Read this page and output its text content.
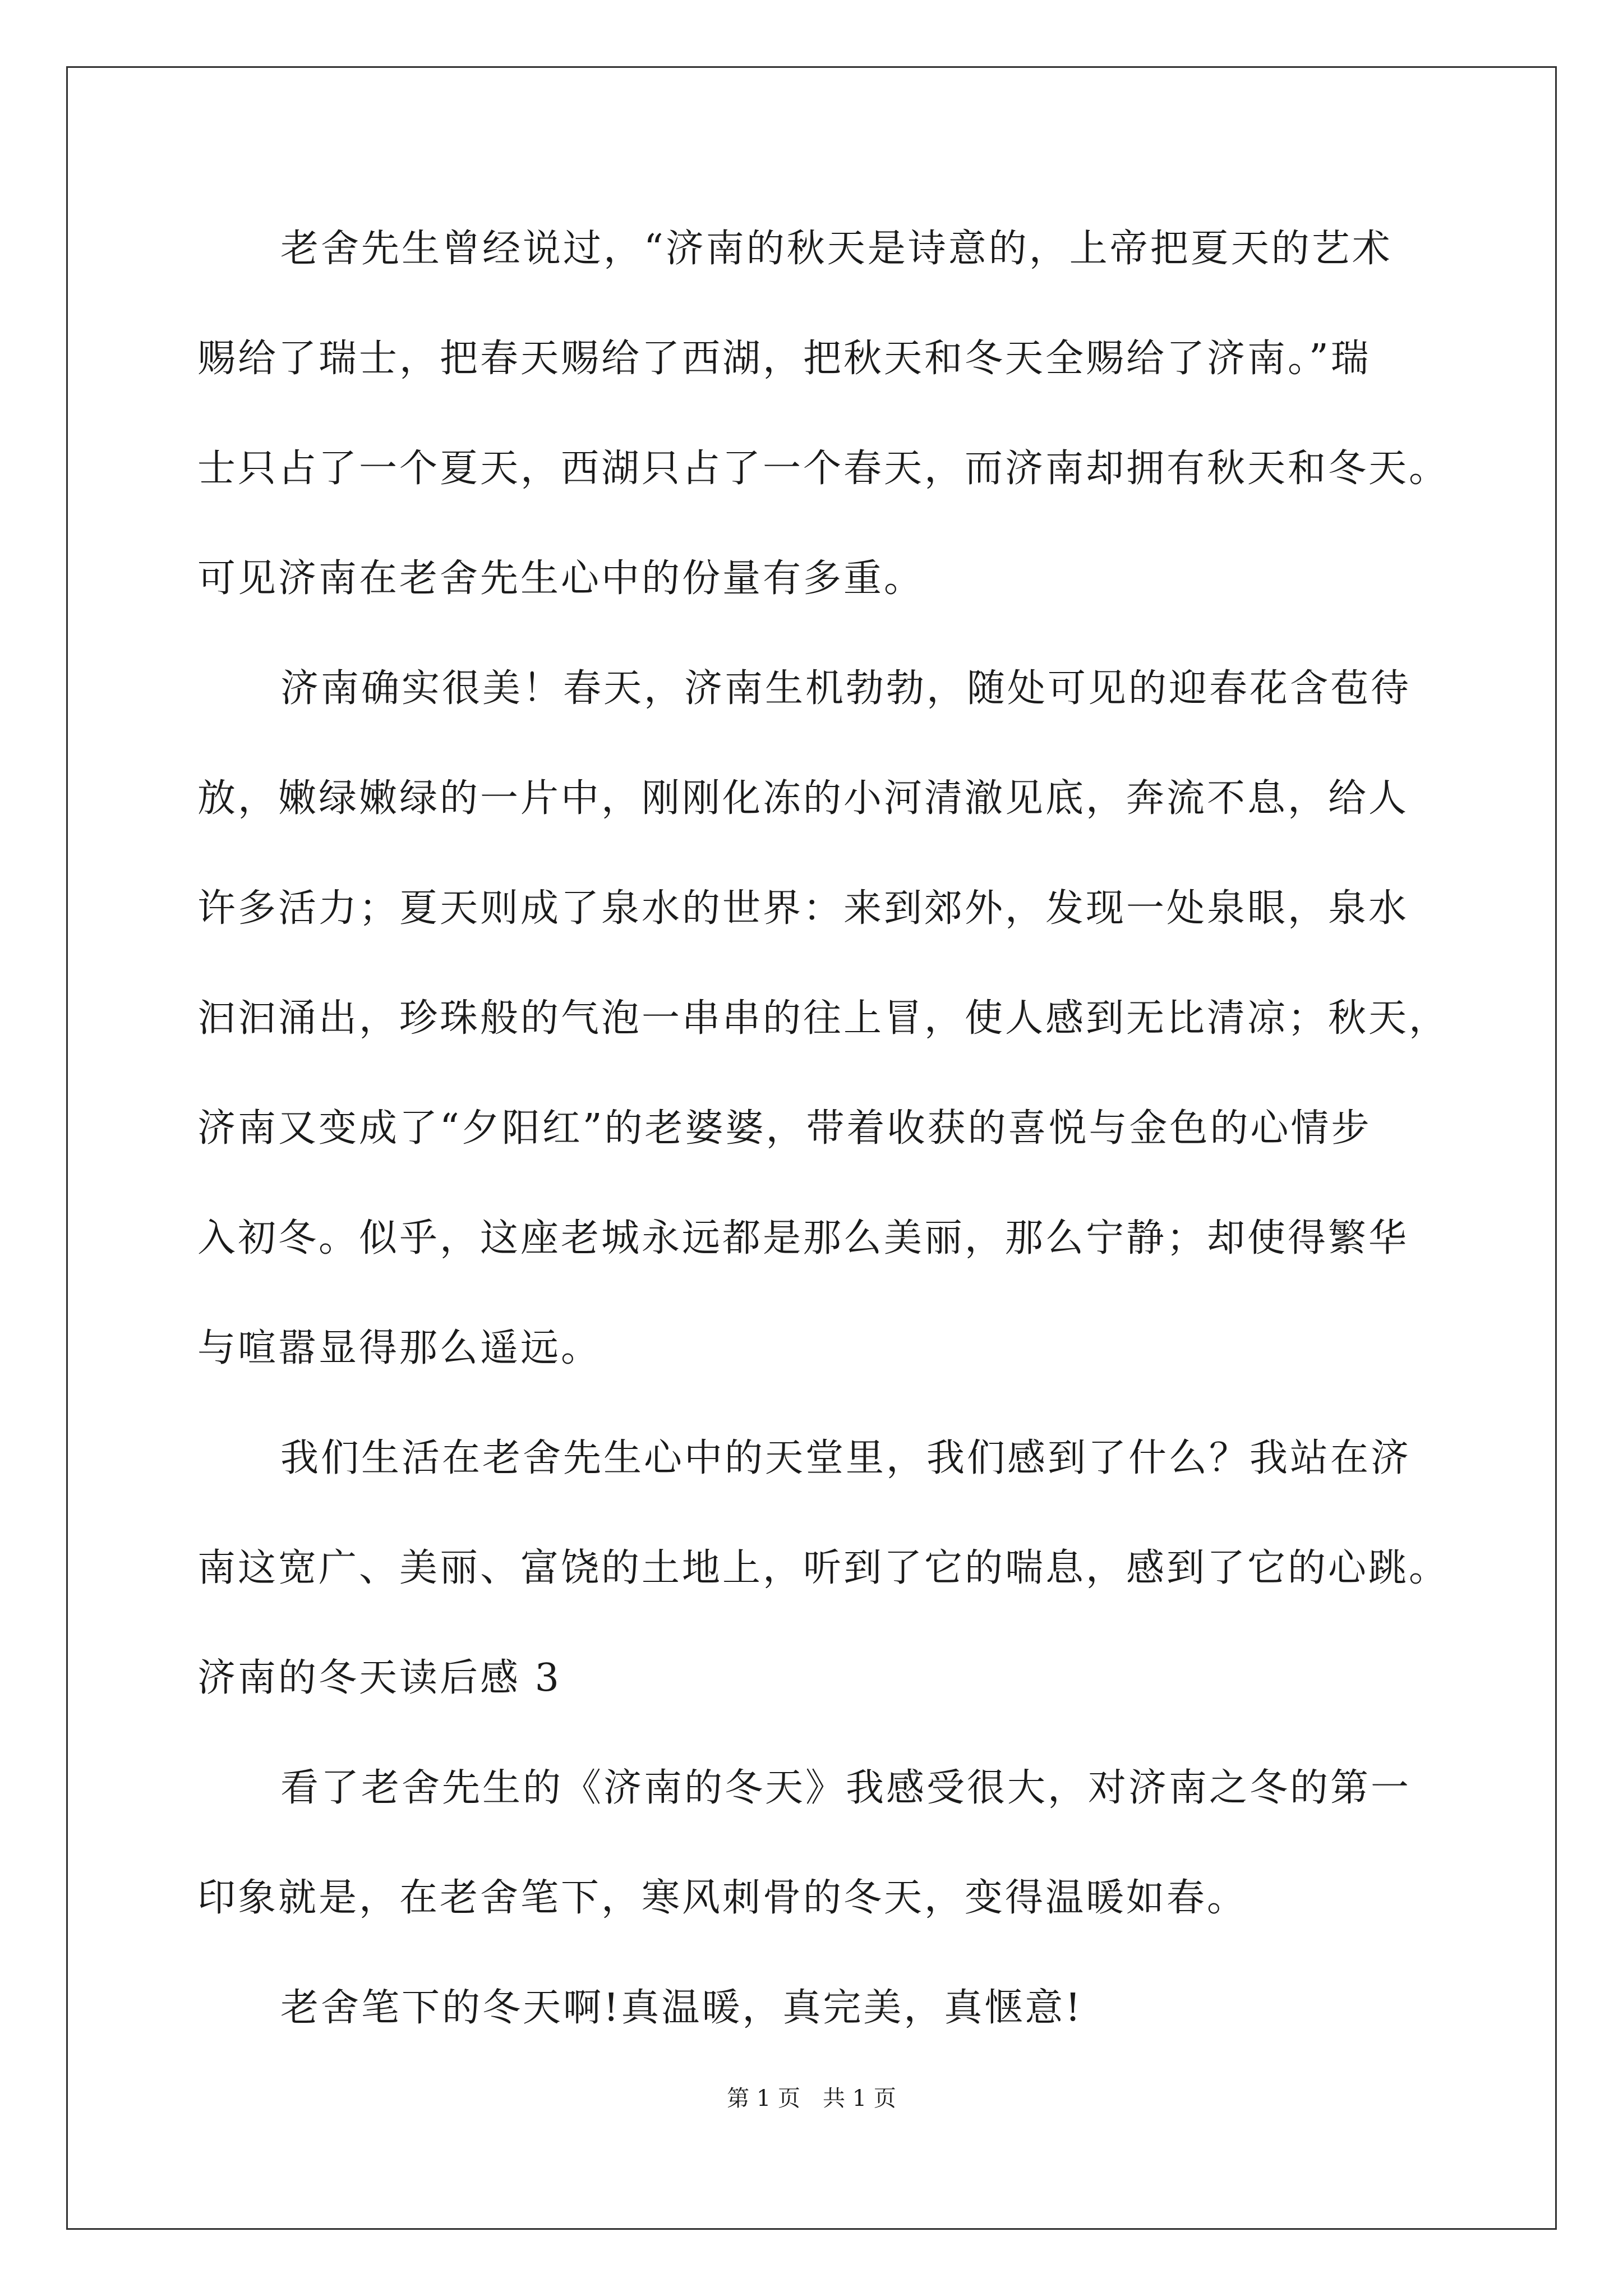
老舍先生曾经说过，“济南的秋天是诗意的，上帝把夏天的艺术
赐给了瑞士，把春天赐给了西湖，把秋天和冬天全赐给了济南。”瑞
士只占了一个夏天，西湖只占了一个春天，而济南却拥有秋天和冬天。
可见济南在老舍先生心中的份量有多重。
济南确实很美！春天，济南生机勃勃，随处可见的迎春花含苞待
放，嫩绿嫩绿的一片中，刚刚化冻的小河清澈见底，奔流不息，给人
许多活力；夏天则成了泉水的世界：来到郊外，发现一处泉眼，泉水
汩汩涌出，珍珠般的气泡一串串的往上冒，使人感到无比清凉；秋天，
济南又变成了“夕阳红”的老婆婆，带着收获的喜悦与金色的心情步
入初冬。似乎，这座老城永远都是那么美丽，那么宁静；却使得繁华
与喧嚣显得那么遥远。
我们生活在老舍先生心中的天堂里，我们感到了什么？我站在济
南这宽广、美丽、富饶的土地上，听到了它的喘息，感到了它的心跳。
济南的冬天读后感 3
看了老舍先生的《济南的冬天》我感受很大，对济南之冬的第一
印象就是，在老舍笔下，寒风刺骨的冬天，变得温暖如春。
老舍笔下的冬天啊!真温暖，真完美，真惬意!
第 1 页　共 1 页
